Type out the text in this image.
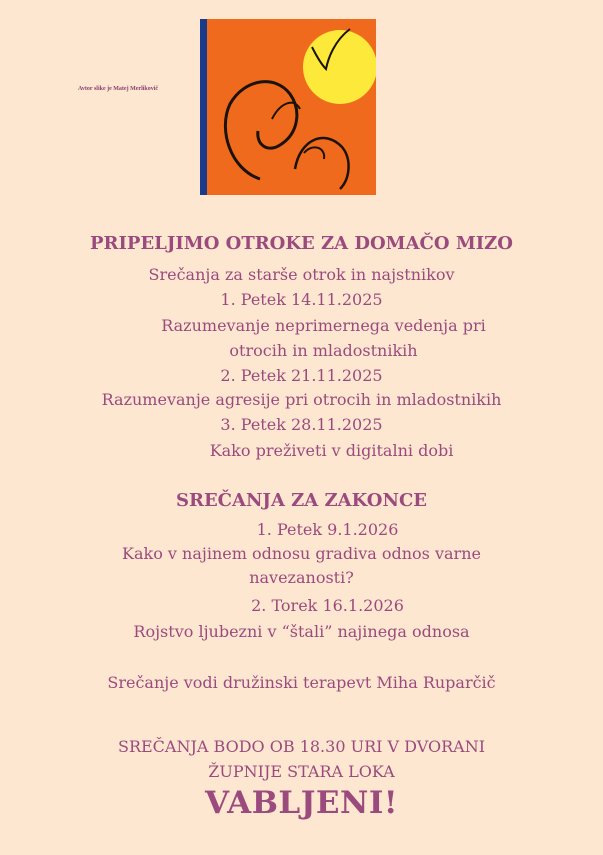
Avtor slike je Matej Merlikovič
PRIPELJIMO OTROKE ZA DOMAČO MIZO
Srečanja za starše otrok in najstnikov
1. Petek 14.11.2025
Razumevanje neprimernega vedenja pri
otrocih in mladostnikih
2. Petek 21.11.2025
Razumevanje agresije pri otrocih in mladostnikih
3. Petek 28.11.2025
Kako preživeti v digitalni dobi
SREČANJA ZA ZAKONCE
1. Petek 9.1.2026
Kako v najinem odnosu gradiva odnos varne
navezanosti?
2. Torek 16.1.2026
Rojstvo ljubezni v “štali” najinega odnosa
Srečanje vodi družinski terapevt Miha Ruparčič
SREČANJA BODO OB 18.30 URI V DVORANI
ŽUPNIJE STARA LOKA
VABLJENI!
